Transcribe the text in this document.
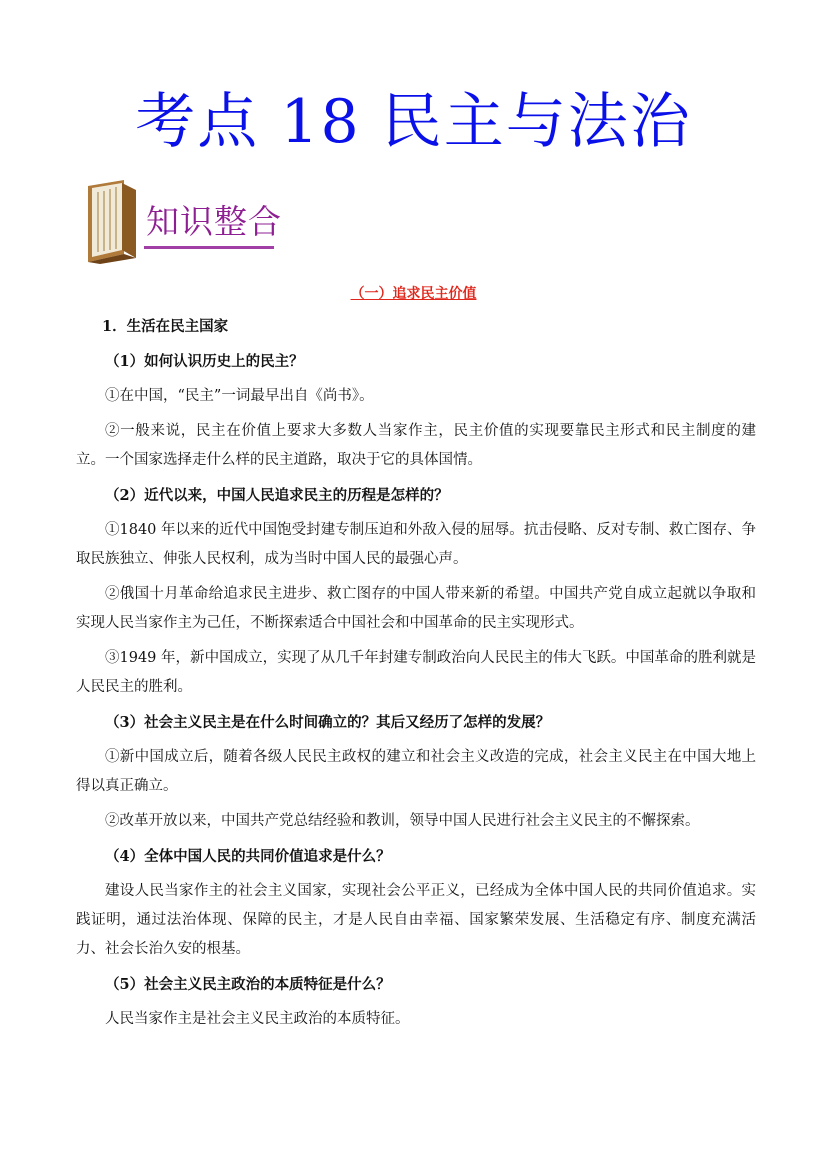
考点 18 民主与法治
知识整合
（一）追求民主价值

1．生活在民主国家

（1）如何认识历史上的民主？

①在中国，“民主”一词最早出自《尚书》。

②一般来说，民主在价值上要求大多数人当家作主，民主价值的实现要靠民主形式和民主制度的建立。一个国家选择走什么样的民主道路，取决于它的具体国情。

（2）近代以来，中国人民追求民主的历程是怎样的？

①1840 年以来的近代中国饱受封建专制压迫和外敌入侵的屈辱。抗击侵略、反对专制、救亡图存、争取民族独立、伸张人民权利，成为当时中国人民的最强心声。

②俄国十月革命给追求民主进步、救亡图存的中国人带来新的希望。中国共产党自成立起就以争取和实现人民当家作主为己任，不断探索适合中国社会和中国革命的民主实现形式。

③1949 年，新中国成立，实现了从几千年封建专制政治向人民民主的伟大飞跃。中国革命的胜利就是人民民主的胜利。

（3）社会主义民主是在什么时间确立的？其后又经历了怎样的发展？

①新中国成立后，随着各级人民民主政权的建立和社会主义改造的完成，社会主义民主在中国大地上得以真正确立。

②改革开放以来，中国共产党总结经验和教训，领导中国人民进行社会主义民主的不懈探索。

（4）全体中国人民的共同价值追求是什么？

建设人民当家作主的社会主义国家，实现社会公平正义，已经成为全体中国人民的共同价值追求。实践证明，通过法治体现、保障的民主，才是人民自由幸福、国家繁荣发展、生活稳定有序、制度充满活力、社会长治久安的根基。

（5）社会主义民主政治的本质特征是什么？

人民当家作主是社会主义民主政治的本质特征。
